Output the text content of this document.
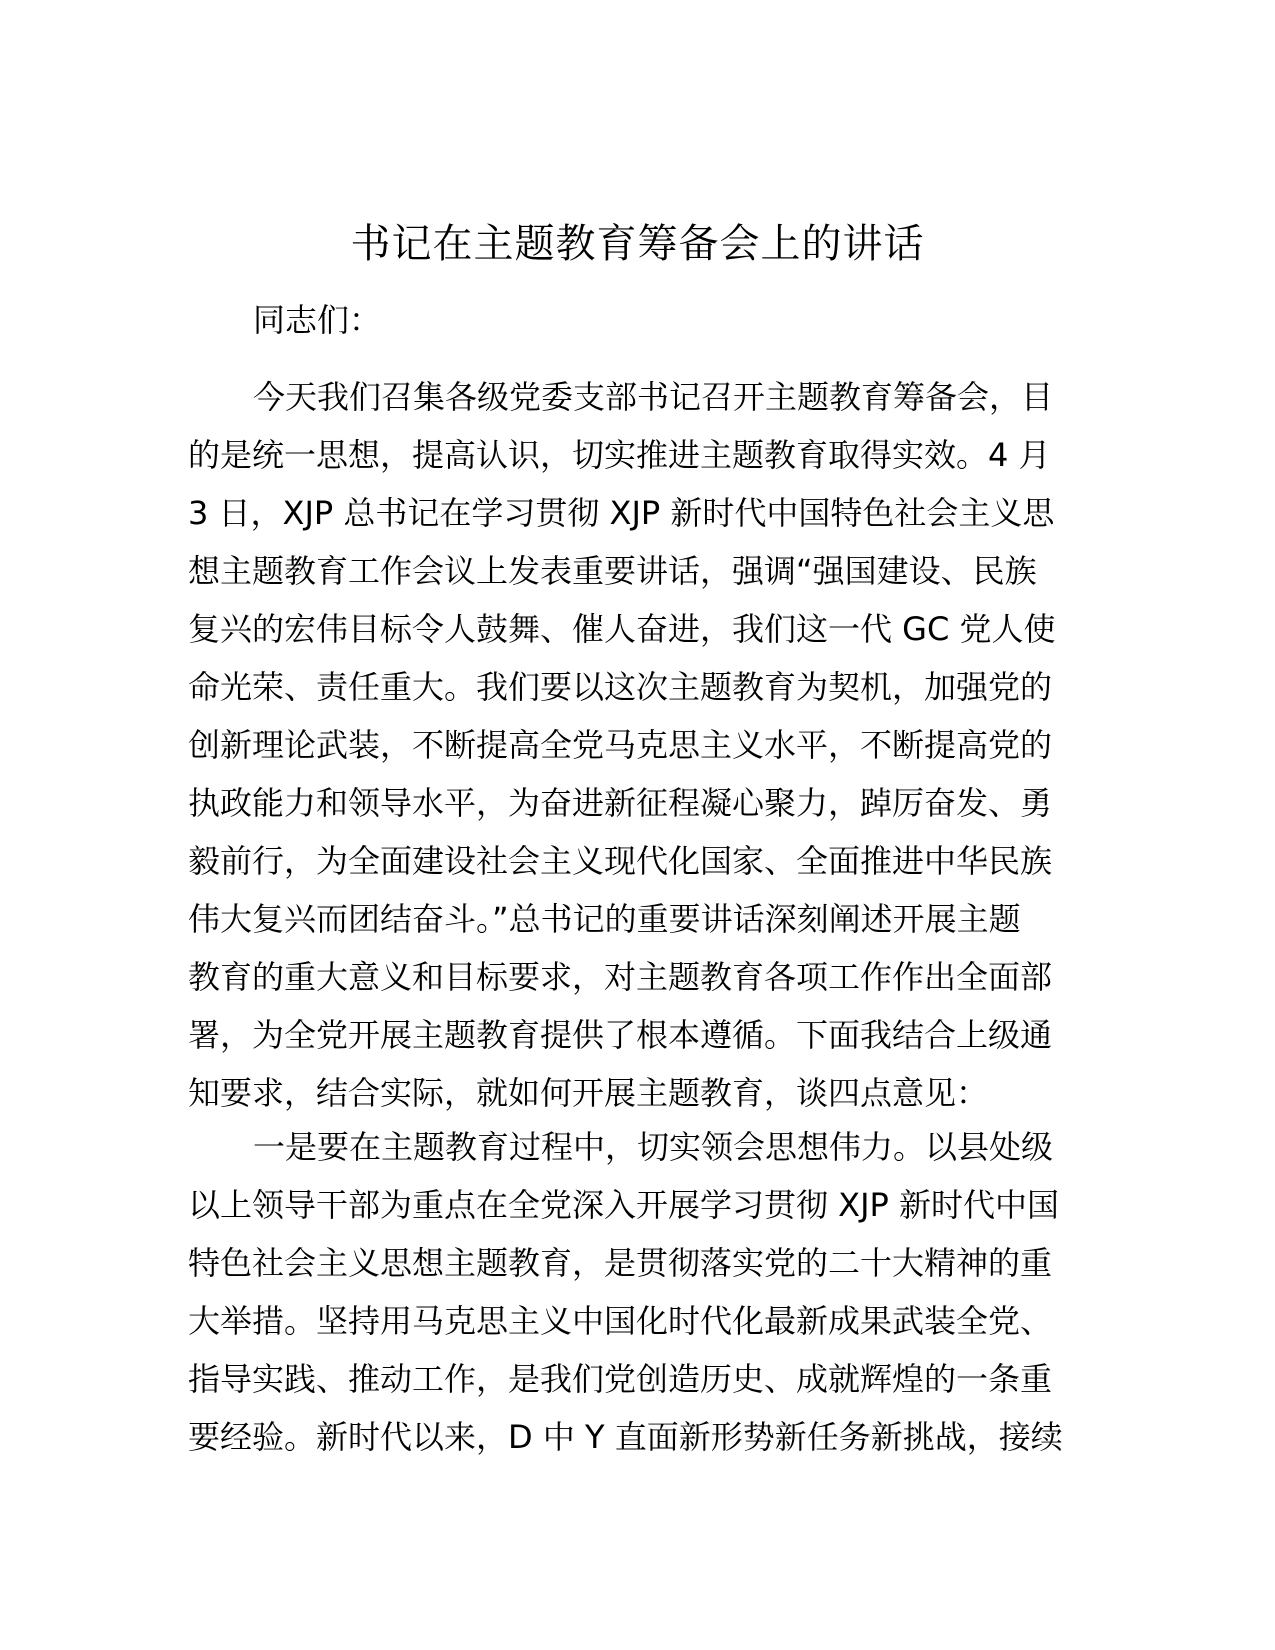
书记在主题教育筹备会上的讲话
同志们：
今天我们召集各级党委支部书记召开主题教育筹备会，目
的是统一思想，提高认识，切实推进主题教育取得实效。4 月
3 日，XJP 总书记在学习贯彻 XJP 新时代中国特色社会主义思
想主题教育工作会议上发表重要讲话，强调“强国建设、民族
复兴的宏伟目标令人鼓舞、催人奋进，我们这一代 GC 党人使
命光荣、责任重大。我们要以这次主题教育为契机，加强党的
创新理论武装，不断提高全党马克思主义水平，不断提高党的
执政能力和领导水平，为奋进新征程凝心聚力，踔厉奋发、勇
毅前行，为全面建设社会主义现代化国家、全面推进中华民族
伟大复兴而团结奋斗。”总书记的重要讲话深刻阐述开展主题
教育的重大意义和目标要求，对主题教育各项工作作出全面部
署，为全党开展主题教育提供了根本遵循。下面我结合上级通
知要求，结合实际，就如何开展主题教育，谈四点意见：
一是要在主题教育过程中，切实领会思想伟力。以县处级
以上领导干部为重点在全党深入开展学习贯彻 XJP 新时代中国
特色社会主义思想主题教育，是贯彻落实党的二十大精神的重
大举措。坚持用马克思主义中国化时代化最新成果武装全党、
指导实践、推动工作，是我们党创造历史、成就辉煌的一条重
要经验。新时代以来，D 中 Y 直面新形势新任务新挑战，接续
